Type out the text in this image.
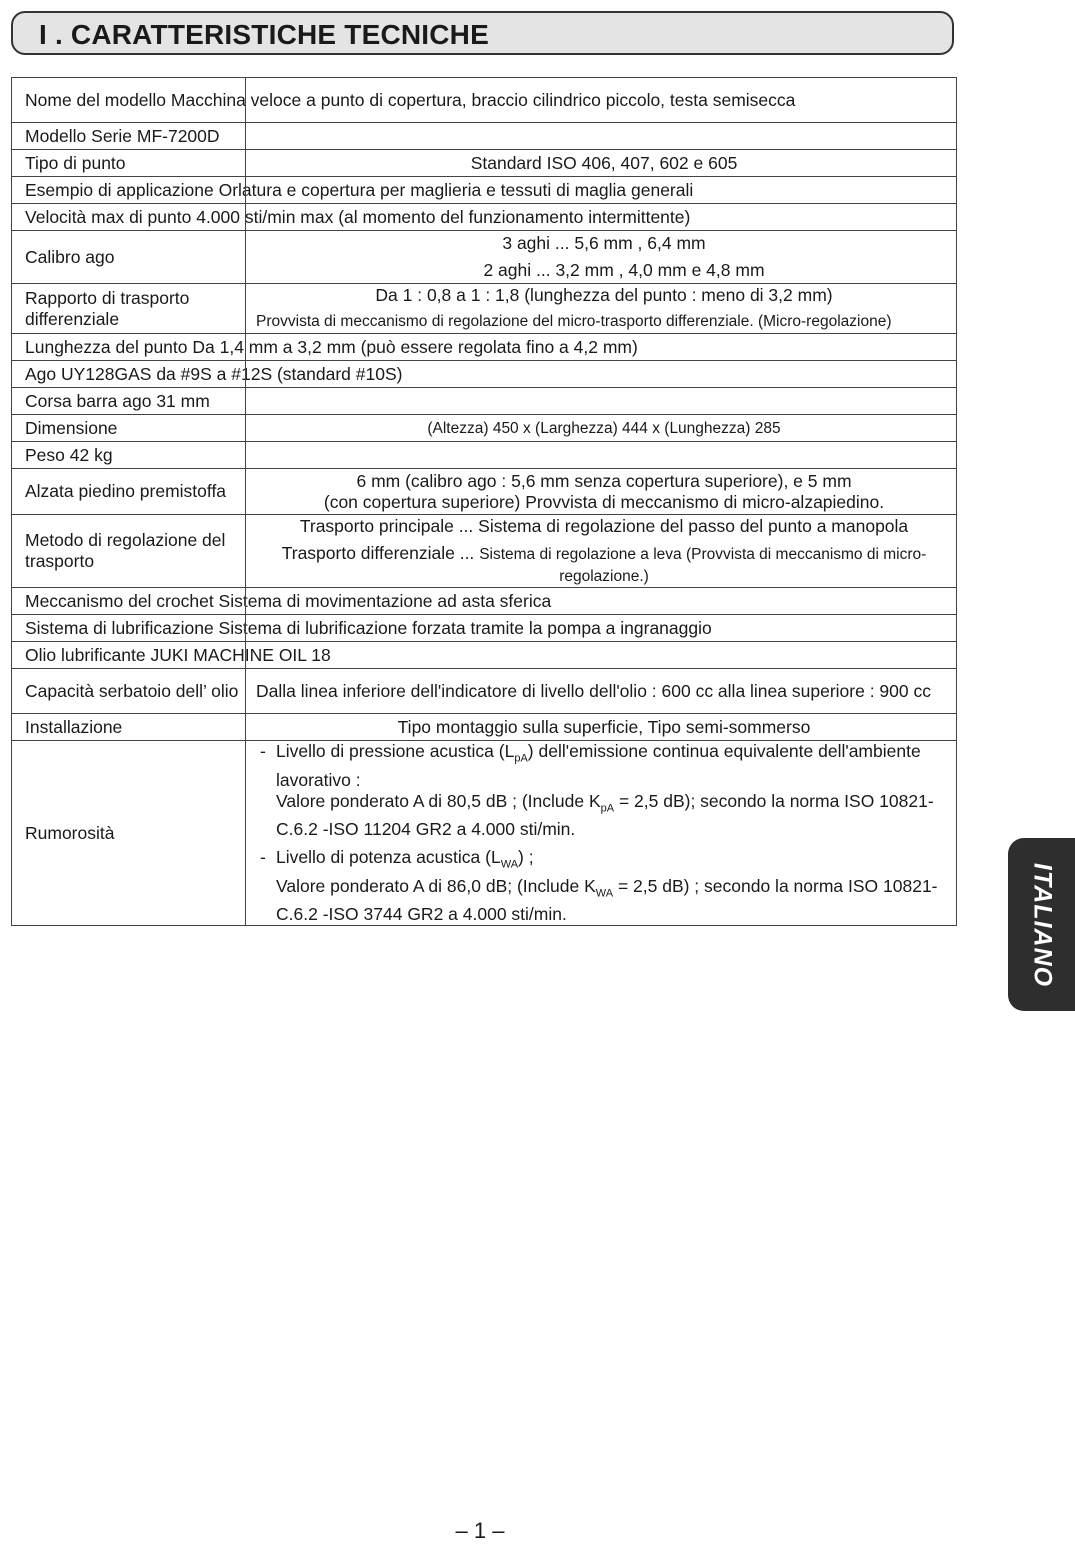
I . CARATTERISTICHE TECNICHE
Nome del modello Macchina veloce a punto di copertura, braccio cilindrico piccolo, testa semisecca	

Modello Serie MF-7200D	

Tipo di punto	Standard ISO 406, 407, 602 e 605
Esempio di applicazione Orlatura e copertura per maglieria e tessuti di maglia generali	

Velocità max di punto 4.000 sti/min max (al momento del funzionamento intermittente)	

Calibro ago	3 aghi ... 5,6 mm , 6,4 mm
2 aghi ... 3,2 mm , 4,0 mm e 4,8 mm

Rapporto di trasporto differenziale	Da 1 : 0,8 a 1 : 1,8 (lunghezza del punto : meno di 3,2 mm)
Provvista di meccanismo di regolazione del micro-trasporto differenziale. (Micro-regolazione)

Lunghezza del punto Da 1,4 mm a 3,2 mm (può essere regolata fino a 4,2 mm)	

Ago UY128GAS da #9S a #12S (standard #10S)	

Corsa barra ago 31 mm	

Dimensione	(Altezza) 450 x (Larghezza) 444 x (Lunghezza) 285
Peso 42 kg	

Alzata piedino premistoffa	6 mm (calibro ago : 5,6 mm senza copertura superiore), e 5 mm
(con copertura superiore) Provvista di meccanismo di micro-alzapiedino.

Metodo di regolazione del trasporto	Trasporto principale ... Sistema di regolazione del passo del punto a manopola
Trasporto differenziale ... Sistema di regolazione a leva (Provvista di meccanismo di micro-regolazione.)

Meccanismo del crochet Sistema di movimentazione ad asta sferica	

Sistema di lubrificazione Sistema di lubrificazione forzata tramite la pompa a ingranaggio	

Olio lubrificante JUKI MACHINE OIL 18	

Capacità serbatoio dell’ olio	Dalla linea inferiore dell'indicatore di livello dell'olio : 600 cc alla linea superiore : 900 cc
Installazione	Tipo montaggio sulla superficie, Tipo semi-sommerso
Rumorosità	- Livello di pressione acustica $(L_{pA})$ dell'emissione continua equivalente dell'ambiente lavorativo :
Valore ponderato A di 80,5 dB ; (Include $K_{pA} = 2,5$ dB); secondo la norma ISO 10821- C.6.2 -ISO 11204 GR2 a 4.000 sti/min.
- Livello di potenza acustica $(L_{WA})$ ;
Valore ponderato A di 86,0 dB; (Include $K_{WA} = 2,5$ dB) ; secondo la norma ISO 10821- C.6.2 -ISO 3744 GR2 a 4.000 sti/min.	ITALIANO
– 1 –
